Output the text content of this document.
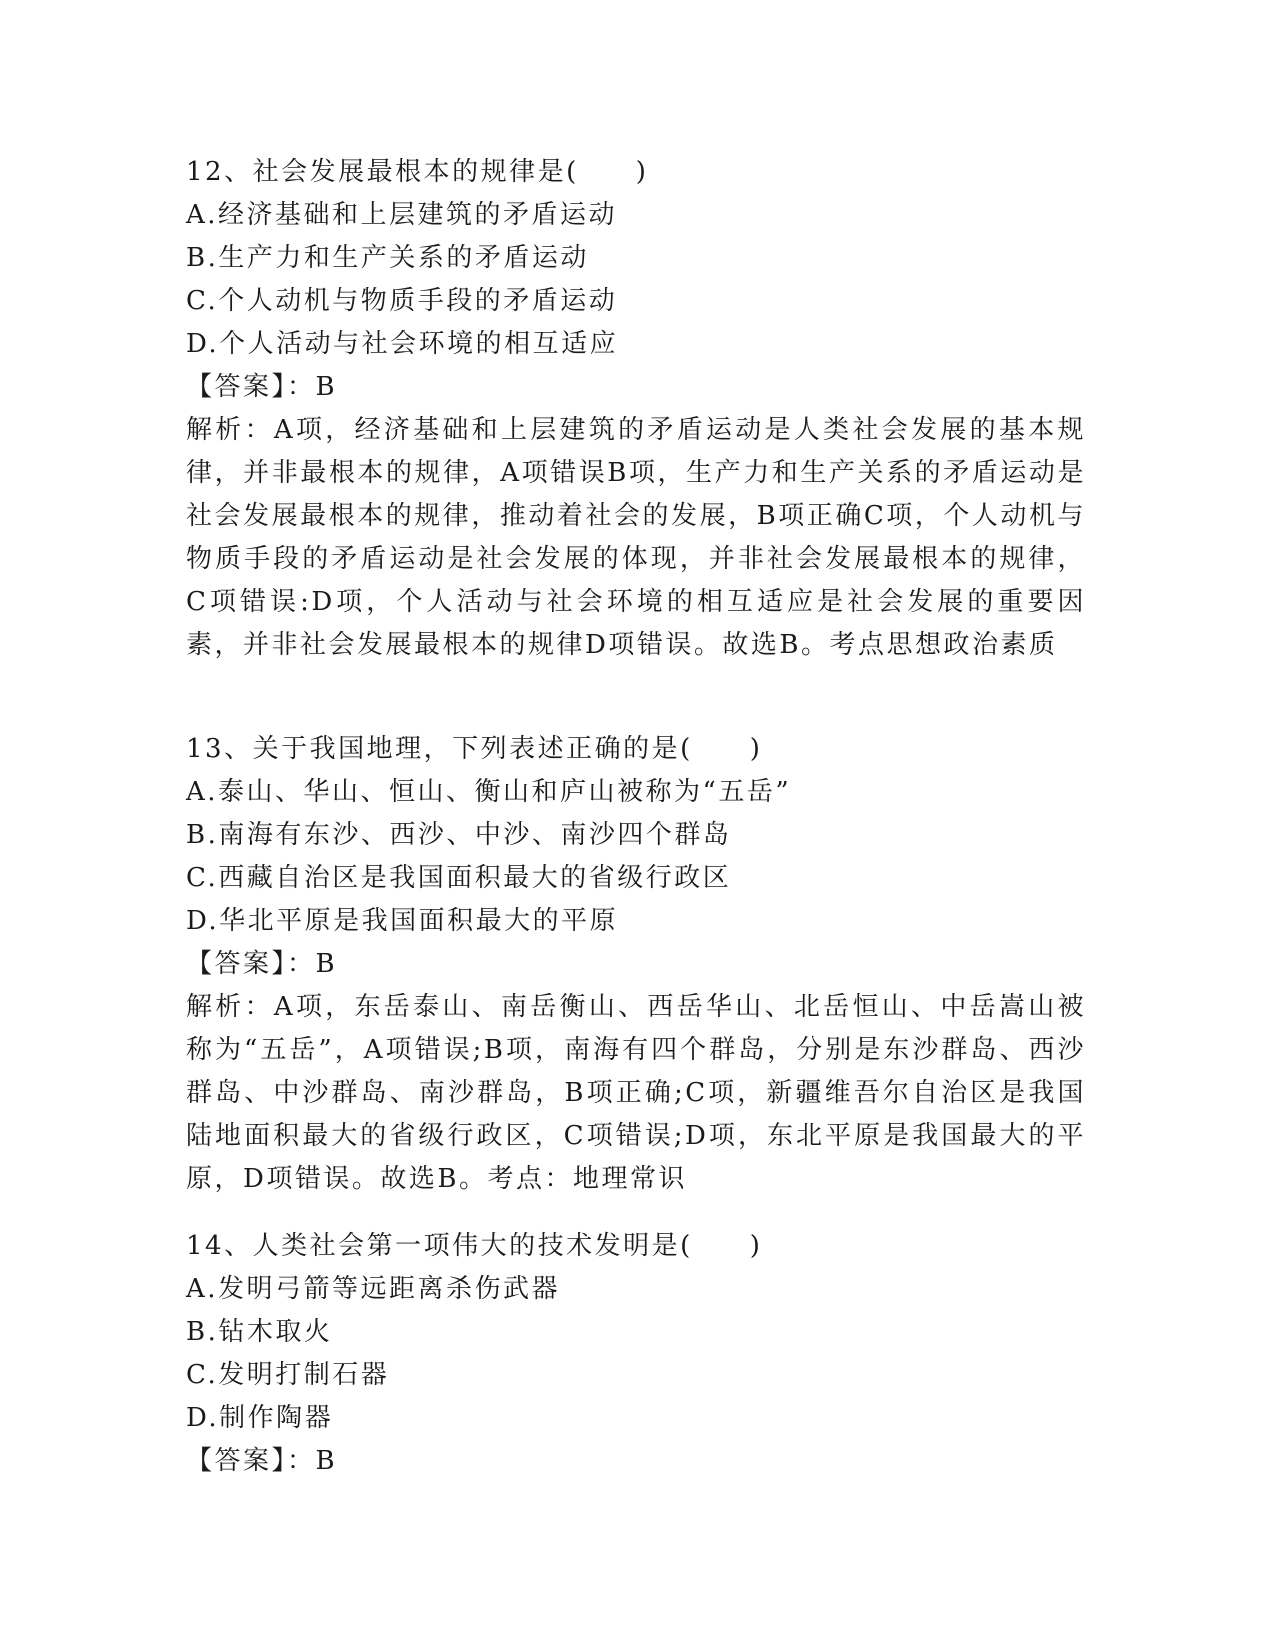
12、社会发展最根本的规律是(　　)
A.经济基础和上层建筑的矛盾运动
B.生产力和生产关系的矛盾运动
C.个人动机与物质手段的矛盾运动
D.个人活动与社会环境的相互适应
【答案】：B
解析：A项，经济基础和上层建筑的矛盾运动是人类社会发展的基本规律，并非最根本的规律，A项错误B项，生产力和生产关系的矛盾运动是社会发展最根本的规律，推动着社会的发展，B项正确C项，个人动机与物质手段的矛盾运动是社会发展的体现，并非社会发展最根本的规律，C项错误:D项，个人活动与社会环境的相互适应是社会发展的重要因素，并非社会发展最根本的规律D项错误。故选B。考点思想政治素质
13、关于我国地理，下列表述正确的是(　　)
A.泰山、华山、恒山、衡山和庐山被称为“五岳”
B.南海有东沙、西沙、中沙、南沙四个群岛
C.西藏自治区是我国面积最大的省级行政区
D.华北平原是我国面积最大的平原
【答案】：B
解析：A项，东岳泰山、南岳衡山、西岳华山、北岳恒山、中岳嵩山被称为“五岳”，A项错误;B项，南海有四个群岛，分别是东沙群岛、西沙群岛、中沙群岛、南沙群岛，B项正确;C项，新疆维吾尔自治区是我国陆地面积最大的省级行政区，C项错误;D项，东北平原是我国最大的平原，D项错误。故选B。考点：地理常识
14、人类社会第一项伟大的技术发明是(　　)
A.发明弓箭等远距离杀伤武器
B.钻木取火
C.发明打制石器
D.制作陶器
【答案】：B
